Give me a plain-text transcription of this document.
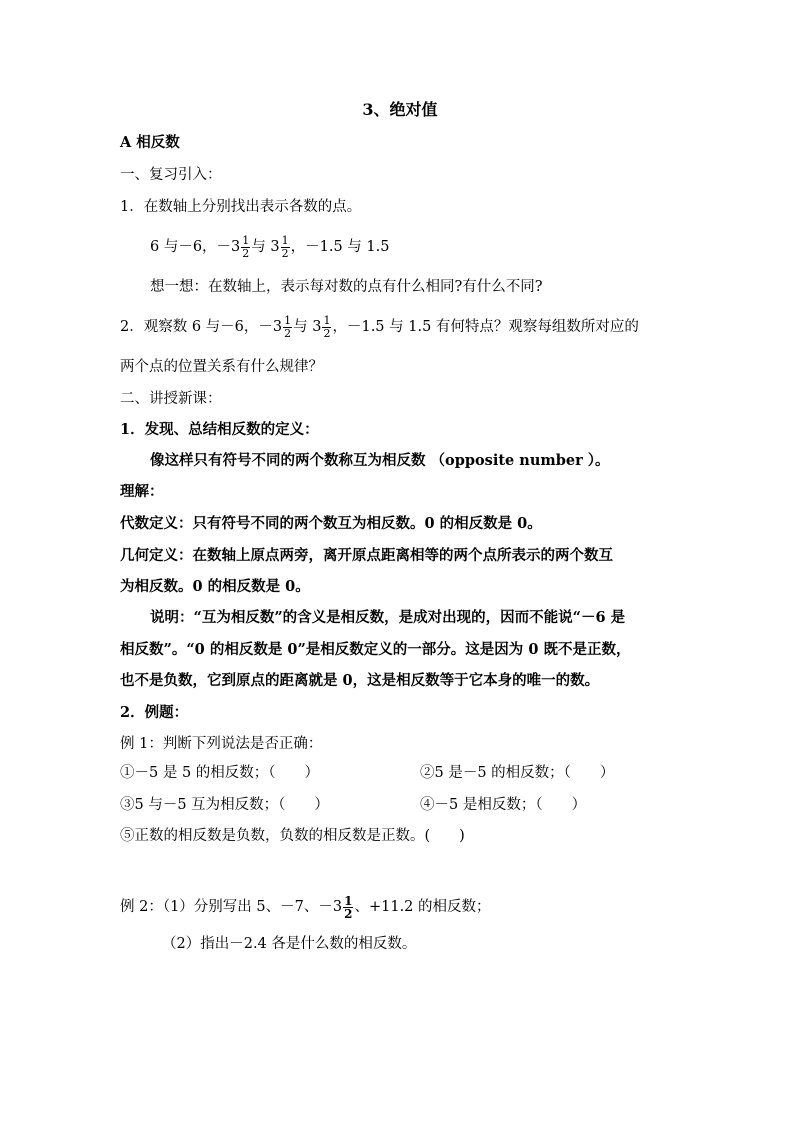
3、绝对值
A 相反数
一、复习引入：
1．在数轴上分别找出表示各数的点。
6 与－6，$-3 \frac{1}{2}$ 与 $3 \frac{1}{2}$ ，－1.5 与 1.5
想一想：在数轴上，表示每对数的点有什么相同?有什么不同?
2．观察数 6 与－6，$-3 \frac{1}{2}$ 与 $3 \frac{1}{2}$ ，－1.5 与 1.5 有何特点？观察每组数所对应的
两个点的位置关系有什么规律？
二、讲授新课：
1．发现、总结相反数的定义：
像这样只有符号不同的两个数称互为相反数 （opposite number ）。
理解：
代数定义：只有符号不同的两个数互为相反数。0 的相反数是 0。
几何定义：在数轴上原点两旁，离开原点距离相等的两个点所表示的两个数互
为相反数。0 的相反数是 0。
说明：“互为相反数”的含义是相反数，是成对出现的，因而不能说“－6 是
相反数”。“0 的相反数是 0”是相反数定义的一部分。这是因为 0 既不是正数，
也不是负数，它到原点的距离就是 0，这是相反数等于它本身的唯一的数。
2．例题：
例 1：判断下列说法是否正确：
①－5 是 5 的相反数；（　　）	②5 是－5 的相反数；（　　）
③5 与－5 互为相反数；（　　）	④－5 是相反数；（　　）
⑤正数的相反数是负数，负数的相反数是正数。(　　)
例 2：（1）分别写出 5、－7、$-3 \frac{1}{2}$ 、+11.2 的相反数；
（2）指出－2.4 各是什么数的相反数。
